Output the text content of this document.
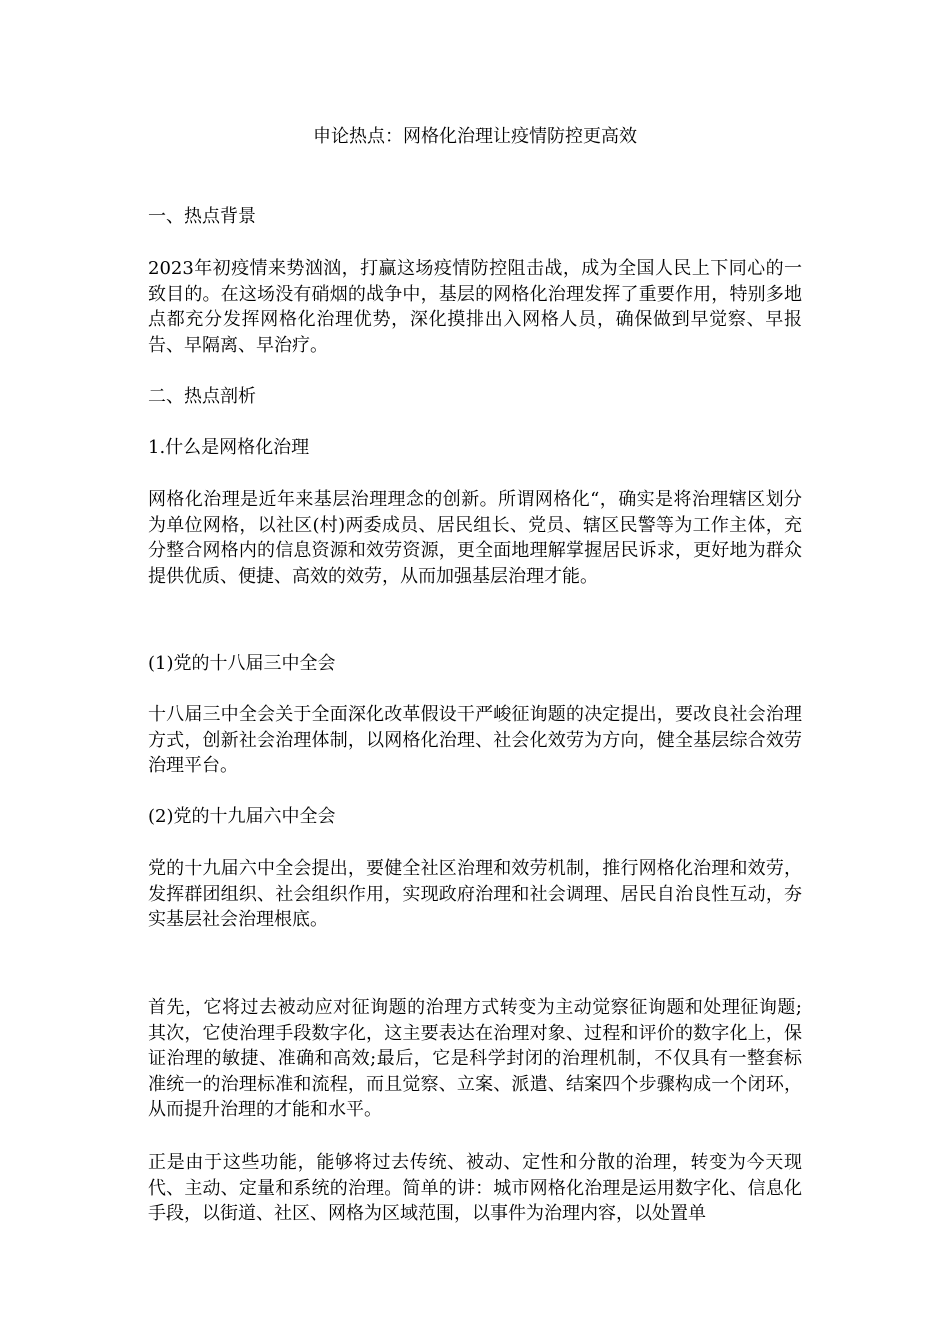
申论热点：网格化治理让疫情防控更高效

一、热点背景

2023年初疫情来势汹汹，打赢这场疫情防控阻击战，成为全国人民上下同心的一致目的。在这场没有硝烟的战争中，基层的网格化治理发挥了重要作用，特别多地点都充分发挥网格化治理优势，深化摸排出入网格人员，确保做到早觉察、早报告、早隔离、早治疗。

二、热点剖析

1.什么是网格化治理

网格化治理是近年来基层治理理念的创新。所谓网格化“，确实是将治理辖区划分为单位网格，以社区(村)两委成员、居民组长、党员、辖区民警等为工作主体，充分整合网格内的信息资源和效劳资源，更全面地理解掌握居民诉求，更好地为群众提供优质、便捷、高效的效劳，从而加强基层治理才能。

(1)党的十八届三中全会

十八届三中全会关于全面深化改革假设干严峻征询题的决定提出，要改良社会治理方式，创新社会治理体制，以网格化治理、社会化效劳为方向，健全基层综合效劳治理平台。

(2)党的十九届六中全会

党的十九届六中全会提出，要健全社区治理和效劳机制，推行网格化治理和效劳，发挥群团组织、社会组织作用，实现政府治理和社会调理、居民自治良性互动，夯实基层社会治理根底。

首先，它将过去被动应对征询题的治理方式转变为主动觉察征询题和处理征询题;其次，它使治理手段数字化，这主要表达在治理对象、过程和评价的数字化上，保证治理的敏捷、准确和高效;最后，它是科学封闭的治理机制，不仅具有一整套标准统一的治理标准和流程，而且觉察、立案、派遣、结案四个步骤构成一个闭环，从而提升治理的才能和水平。

正是由于这些功能，能够将过去传统、被动、定性和分散的治理，转变为今天现代、主动、定量和系统的治理。简单的讲：城市网格化治理是运用数字化、信息化手段，以街道、社区、网格为区域范围，以事件为治理内容，以处置单
